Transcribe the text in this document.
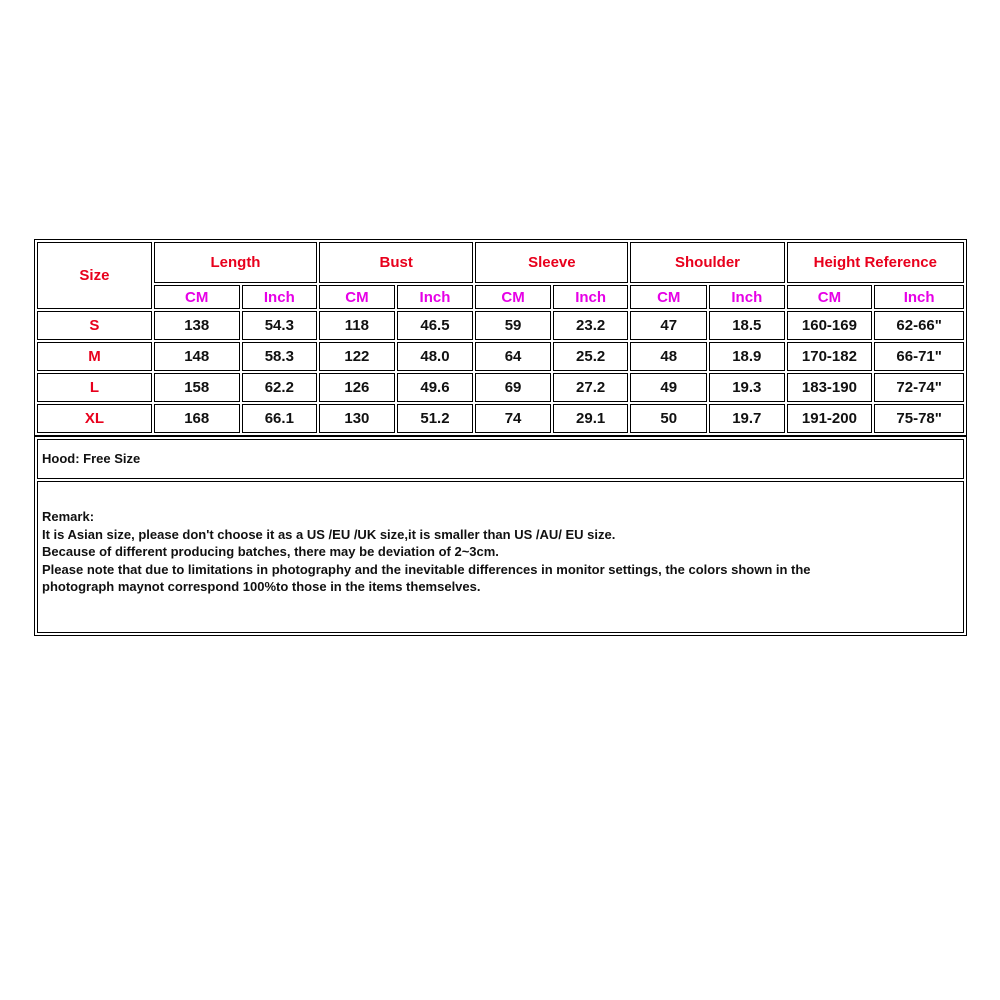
Size	Length		Bust		Sleeve		Shoulder		Height Reference	
	CM	Inch	CM	Inch	CM	Inch	CM	Inch	CM	Inch
S	138	54.3	118	46.5	59	23.2	47	18.5	160-169	62-66"
M	148	58.3	122	48.0	64	25.2	48	18.9	170-182	66-71"
L	158	62.2	126	49.6	69	27.2	49	19.3	183-190	72-74"
XL	168	66.1	130	51.2	74	29.1	50	19.7	191-200	75-78"
Hood: Free Size
Remark:
It is Asian size, please don't choose it as a US /EU /UK size,it is smaller than US /AU/ EU size.
Because of different producing batches, there may be deviation of 2~3cm.
Please note that due to limitations in photography and the inevitable differences in monitor settings, the colors shown in the
photograph maynot correspond 100%to those in the items themselves.
